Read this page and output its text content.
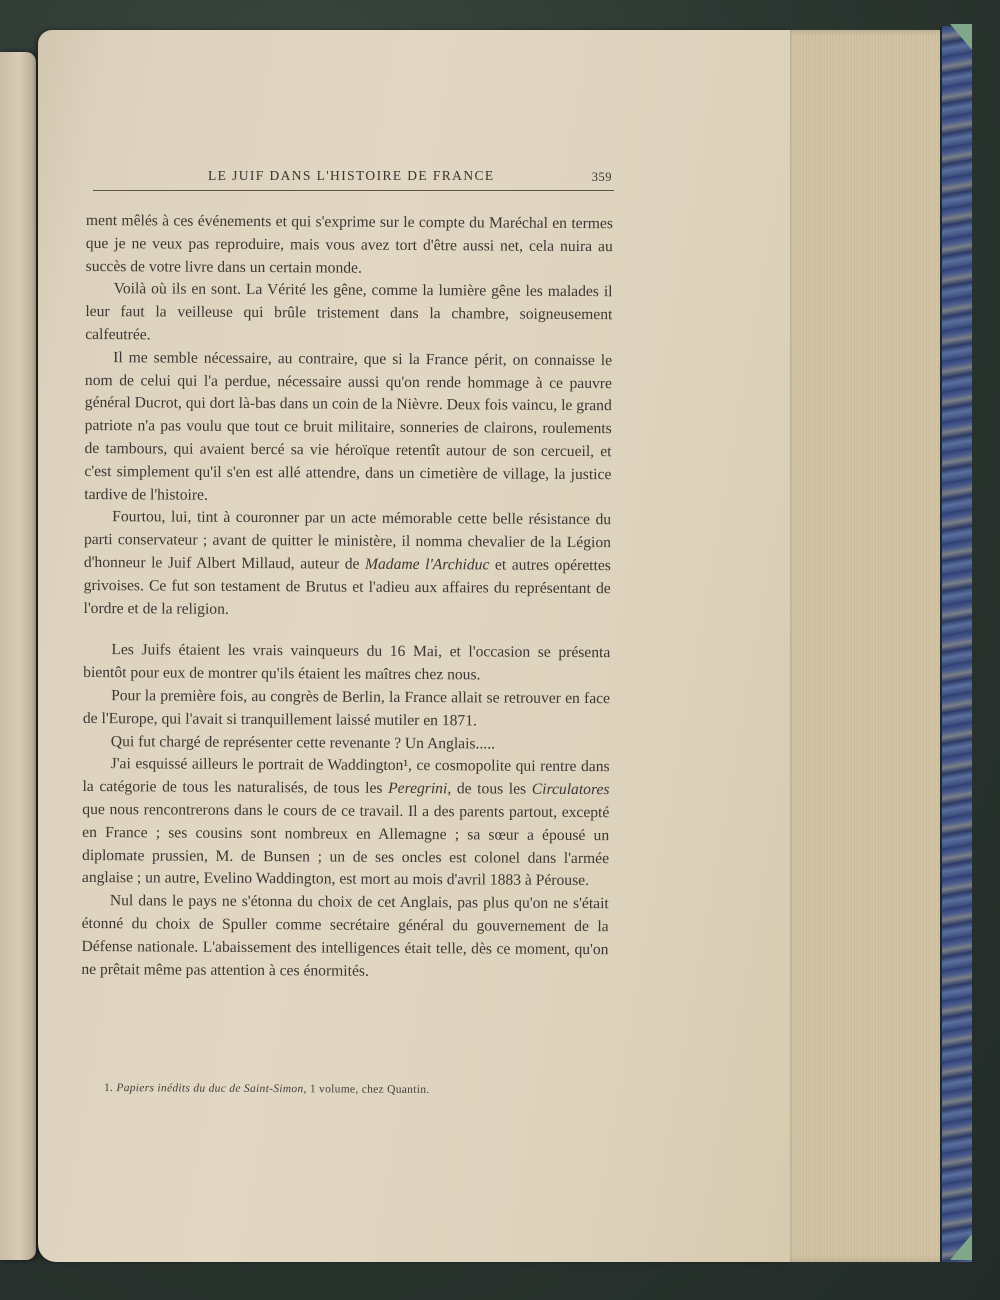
LE JUIF DANS L'HISTOIRE DE FRANCE	359

ment mêlés à ces événements et qui s'exprime sur le compte du Maréchal en termes que je ne veux pas reproduire, mais vous avez tort d'être aussi net, cela nuira au succès de votre livre dans un certain monde.

Voilà où ils en sont. La Vérité les gêne, comme la lumière gêne les malades il leur faut la veilleuse qui brûle tristement dans la chambre, soigneusement calfeutrée.

Il me semble nécessaire, au contraire, que si la France périt, on connaisse le nom de celui qui l'a perdue, nécessaire aussi qu'on rende hommage à ce pauvre général Ducrot, qui dort là-bas dans un coin de la Nièvre. Deux fois vaincu, le grand patriote n'a pas voulu que tout ce bruit militaire, sonneries de clairons, roulements de tambours, qui avaient bercé sa vie héroïque retentît autour de son cercueil, et c'est simplement qu'il s'en est allé attendre, dans un cimetière de village, la justice tardive de l'histoire.

Fourtou, lui, tint à couronner par un acte mémorable cette belle résistance du parti conservateur ; avant de quitter le ministère, il nomma chevalier de la Légion d'honneur le Juif Albert Millaud, auteur de Madame l'Archiduc et autres opérettes grivoises. Ce fut son testament de Brutus et l'adieu aux affaires du représentant de l'ordre et de la religion.

Les Juifs étaient les vrais vainqueurs du 16 Mai, et l'occasion se présenta bientôt pour eux de montrer qu'ils étaient les maîtres chez nous.

Pour la première fois, au congrès de Berlin, la France allait se retrouver en face de l'Europe, qui l'avait si tranquillement laissé mutiler en 1871.

Qui fut chargé de représenter cette revenante ? Un Anglais.....

J'ai esquissé ailleurs le portrait de Waddington¹, ce cosmopolite qui rentre dans la catégorie de tous les naturalisés, de tous les Peregrini, de tous les Circulatores que nous rencontrerons dans le cours de ce travail. Il a des parents partout, excepté en France ; ses cousins sont nombreux en Allemagne ; sa sœur a épousé un diplomate prussien, M. de Bunsen ; un de ses oncles est colonel dans l'armée anglaise ; un autre, Evelino Waddington, est mort au mois d'avril 1883 à Pérouse.

Nul dans le pays ne s'étonna du choix de cet Anglais, pas plus qu'on ne s'était étonné du choix de Spuller comme secrétaire général du gouvernement de la Défense nationale. L'abaissement des intelligences était telle, dès ce moment, qu'on ne prêtait même pas attention à ces énormités.

1. Papiers inédits du duc de Saint-Simon, 1 volume, chez Quantin.
